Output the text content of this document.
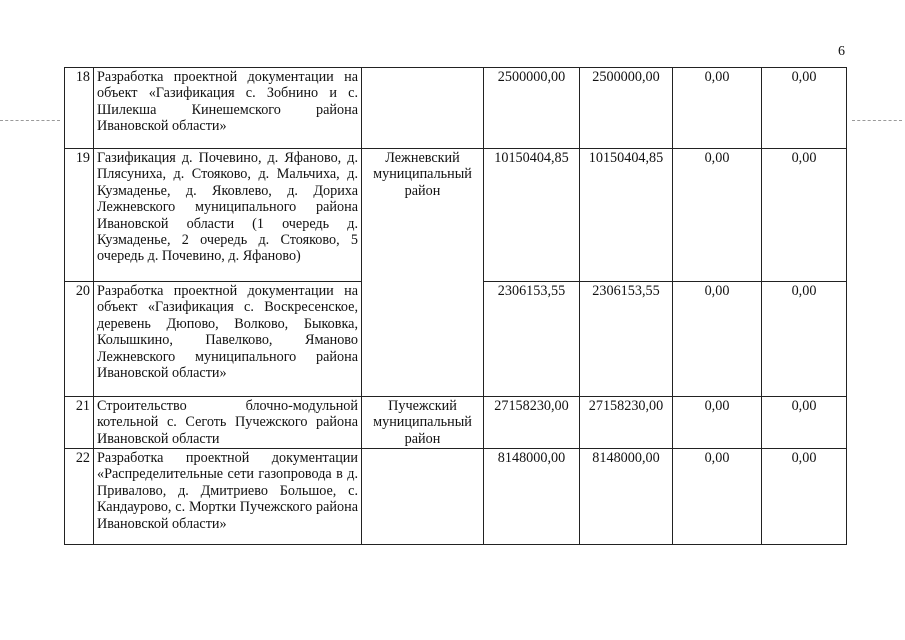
6
18	Разработка проектной документации на объект «Газификация с. Зобнино и с. Шилекша Кинешемского района Ивановской области»		2500000,00	2500000,00	0,00	0,00
19	Газификация д. Почевино, д. Яфаново, д. Плясуниха, д. Стояково, д. Мальчиха, д. Кузмаденье, д. Яковлево, д. Дориха Лежневского муниципального района Ивановской области (1 очередь д. Кузмаденье, 2 очередь д. Стояково, 5 очередь д. Почевино, д. Яфаново)	Лежневский муниципальный район	10150404,85	10150404,85	0,00	0,00
20	Разработка проектной документации на объект «Газификация с. Воскресенское, деревень Дюпово, Волково, Быковка, Колышкино, Павелково, Яманово Лежневского муниципального района Ивановской области»		2306153,55	2306153,55	0,00	0,00
21	Строительство блочно-модульной котельной с. Сеготь Пучежского района Ивановской области	Пучежский муниципальный район	27158230,00	27158230,00	0,00	0,00
22	Разработка проектной документации «Распределительные сети газопровода в д. Привалово, д. Дмитриево Большое, с. Кандаурово, с. Мортки Пучежского района Ивановской области»		8148000,00	8148000,00	0,00	0,00
